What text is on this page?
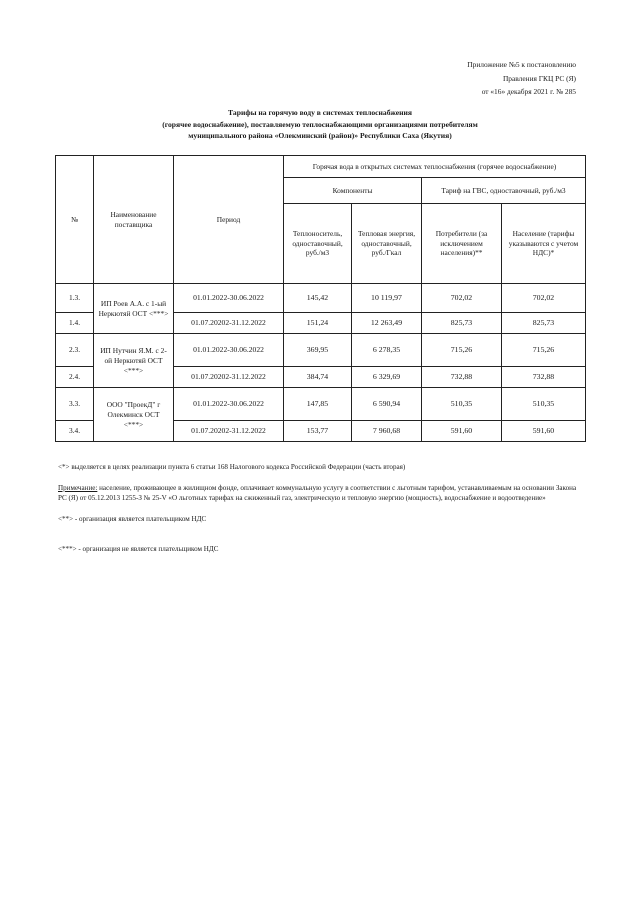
Приложение №5 к постановлению
Правления ГКЦ РС (Я)
от «16» декабря 2021 г. № 285
Тарифы на горячую воду в системах теплоснабжения
(горячее водоснабжение), поставляемую теплоснабжающими организациями потребителям
муниципального района «Олекминский (район)» Республики Саха (Якутия)
№	Наименование поставщика	Период	Горячая вода в открытых системах теплоснабжения (горячее водоснабжение)			
			Компоненты		Тариф на ГВС, одноставочный, руб./м3	
			Теплоноситель, одноставочный, руб./м3	Тепловая энергия, одноставочный, руб./Гкал	Потребители (за исключением населения)**	Население (тарифы указываются с учетом НДС)*
1.3.	ИП Роев А.А. с 1-ый Неркютяй ОСТ <***>	01.01.2022-30.06.2022	145,42	10 119,97	702,02	702,02
1.4.		01.07.20202-31.12.2022	151,24	12 263,49	825,73	825,73
2.3.	ИП Нутчин Я.М. с 2-ой Неркютяй ОСТ <***>	01.01.2022-30.06.2022	369,95	6 278,35	715,26	715,26
2.4.		01.07.20202-31.12.2022	384,74	6 329,69	732,88	732,88
3.3.	ООО "ПроекД" г Олекминск ОСТ <***>	01.01.2022-30.06.2022	147,85	6 590,94	510,35	510,35
3.4.		01.07.20202-31.12.2022	153,77	7 960,68	591,60	591,60

<*> выделяется в целях реализации пункта 6 статьи 168 Налогового кодекса Российской Федерации (часть вторая)

Примечание: население, проживающее в жилищном фонде, оплачивает коммунальную услугу в соответствии с льготным тарифом, устанавливаемым на основании Закона РС (Я) от 05.12.2013 1255-З № 25-V «О льготных тарифах на сжиженный газ, электрическую и тепловую энергию (мощность), водоснабжение и водоотведение»

<**> - организация является плательщиком НДС

<***> - организация не является плательщиком НДС
